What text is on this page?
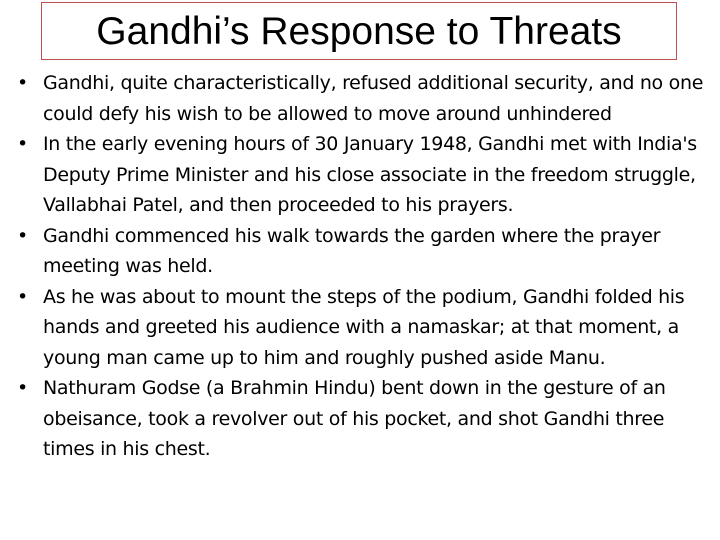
Gandhi’s Response to Threats
• Gandhi, quite characteristically, refused additional security, and no one could defy his wish to be allowed to move around unhindered
• In the early evening hours of 30 January 1948, Gandhi met with India's Deputy Prime Minister and his close associate in the freedom struggle, Vallabhai Patel, and then proceeded to his prayers.
• Gandhi commenced his walk towards the garden where the prayer meeting was held.
• As he was about to mount the steps of the podium, Gandhi folded his hands and greeted his audience with a namaskar; at that moment, a young man came up to him and roughly pushed aside Manu.
• Nathuram Godse (a Brahmin Hindu) bent down in the gesture of an obeisance, took a revolver out of his pocket, and shot Gandhi three times in his chest.
